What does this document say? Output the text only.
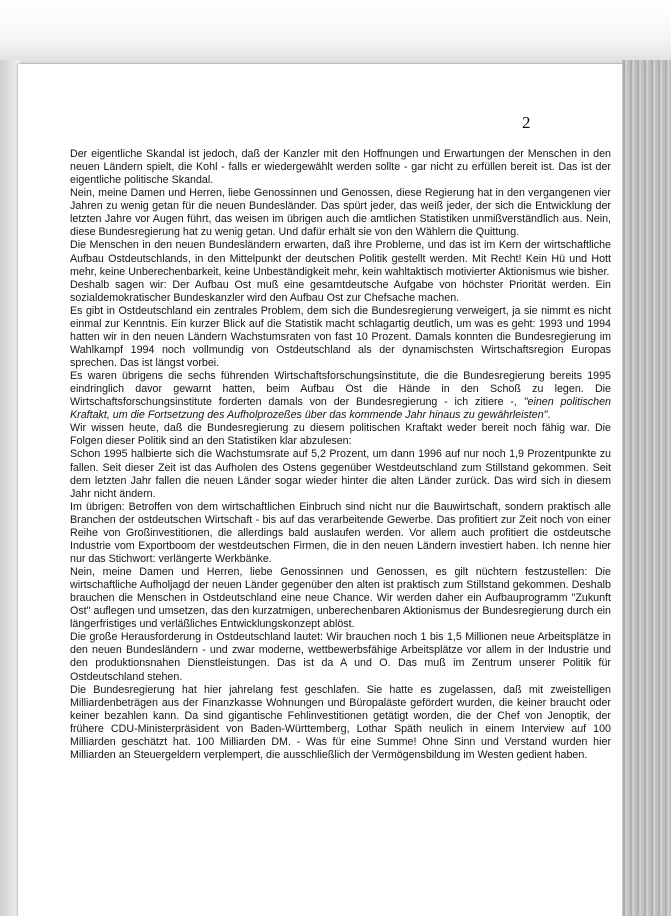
2

Der eigentliche Skandal ist jedoch, daß der Kanzler mit den Hoffnungen und Erwartungen der Menschen in den neuen Ländern spielt, die Kohl - falls er wiedergewählt werden sollte - gar nicht zu erfüllen bereit ist. Das ist der eigentliche politische Skandal.

Nein, meine Damen und Herren, liebe Genossinnen und Genossen, diese Regierung hat in den vergangenen vier Jahren zu wenig getan für die neuen Bundesländer. Das spürt jeder, das weiß jeder, der sich die Entwicklung der letzten Jahre vor Augen führt, das weisen im übrigen auch die amtlichen Statistiken unmißverständlich aus. Nein, diese Bundesregierung hat zu wenig getan. Und dafür erhält sie von den Wählern die Quittung.

Die Menschen in den neuen Bundesländern erwarten, daß ihre Probleme, und das ist im Kern der wirtschaftliche Aufbau Ostdeutschlands, in den Mittelpunkt der deutschen Politik gestellt werden. Mit Recht! Kein Hü und Hott mehr, keine Unberechenbarkeit, keine Unbeständigkeit mehr, kein wahltaktisch motivierter Aktionismus wie bisher.

Deshalb sagen wir: Der Aufbau Ost muß eine gesamtdeutsche Aufgabe von höchster Priorität werden. Ein sozialdemokratischer Bundeskanzler wird den Aufbau Ost zur Chefsache machen.

Es gibt in Ostdeutschland ein zentrales Problem, dem sich die Bundesregierung verweigert, ja sie nimmt es nicht einmal zur Kenntnis. Ein kurzer Blick auf die Statistik macht schlagartig deutlich, um was es geht: 1993 und 1994 hatten wir in den neuen Ländern Wachstumsraten von fast 10 Prozent. Damals konnten die Bundesregierung im Wahlkampf 1994 noch vollmundig von Ostdeutschland als der dynamischsten Wirtschaftsregion Europas sprechen. Das ist längst vorbei.

Es waren übrigens die sechs führenden Wirtschaftsforschungsinstitute, die die Bundesregierung bereits 1995 eindringlich davor gewarnt hatten, beim Aufbau Ost die Hände in den Schoß zu legen. Die Wirtschaftsforschungsinstitute forderten damals von der Bundesregierung - ich zitiere -, "einen politischen Kraftakt, um die Fortsetzung des Aufholprozeßes über das kommende Jahr hinaus zu gewährleisten".

Wir wissen heute, daß die Bundesregierung zu diesem politischen Kraftakt weder bereit noch fähig war. Die Folgen dieser Politik sind an den Statistiken klar abzulesen:

Schon 1995 halbierte sich die Wachstumsrate auf 5,2 Prozent, um dann 1996 auf nur noch 1,9 Prozentpunkte zu fallen. Seit dieser Zeit ist das Aufholen des Ostens gegenüber Westdeutschland zum Stillstand gekommen. Seit dem letzten Jahr fallen die neuen Länder sogar wieder hinter die alten Länder zurück. Das wird sich in diesem Jahr nicht ändern.

Im übrigen: Betroffen von dem wirtschaftlichen Einbruch sind nicht nur die Bauwirtschaft, sondern praktisch alle Branchen der ostdeutschen Wirtschaft - bis auf das verarbeitende Gewerbe. Das profitiert zur Zeit noch von einer Reihe von Großinvestitionen, die allerdings bald auslaufen werden. Vor allem auch profitiert die ostdeutsche Industrie vom Exportboom der westdeutschen Firmen, die in den neuen Ländern investiert haben. Ich nenne hier nur das Stichwort: verlängerte Werkbänke.

Nein, meine Damen und Herren, liebe Genossinnen und Genossen, es gilt nüchtern festzustellen: Die wirtschaftliche Aufholjagd der neuen Länder gegenüber den alten ist praktisch zum Stillstand gekommen. Deshalb brauchen die Menschen in Ostdeutschland eine neue Chance. Wir werden daher ein Aufbauprogramm "Zukunft Ost" auflegen und umsetzen, das den kurzatmigen, unberechenbaren Aktionismus der Bundesregierung durch ein längerfristiges und verläßliches Entwicklungskonzept ablöst.

Die große Herausforderung in Ostdeutschland lautet: Wir brauchen noch 1 bis 1,5 Millionen neue Arbeitsplätze in den neuen Bundesländern - und zwar moderne, wettbewerbsfähige Arbeitsplätze vor allem in der Industrie und den produktionsnahen Dienstleistungen. Das ist da A und O. Das muß im Zentrum unserer Politik für Ostdeutschland stehen.

Die Bundesregierung hat hier jahrelang fest geschlafen. Sie hatte es zugelassen, daß mit zweistelligen Milliardenbeträgen aus der Finanzkasse Wohnungen und Büropaläste gefördert wurden, die keiner braucht oder keiner bezahlen kann. Da sind gigantische Fehlinvestitionen getätigt worden, die der Chef von Jenoptik, der frühere CDU-Ministerpräsident von Baden-Württemberg, Lothar Späth neulich in einem Interview auf 100 Milliarden geschätzt hat. 100 Milliarden DM. - Was für eine Summe! Ohne Sinn und Verstand wurden hier Milliarden an Steuergeldern verplempert, die ausschließlich der Vermögensbildung im Westen gedient haben.
